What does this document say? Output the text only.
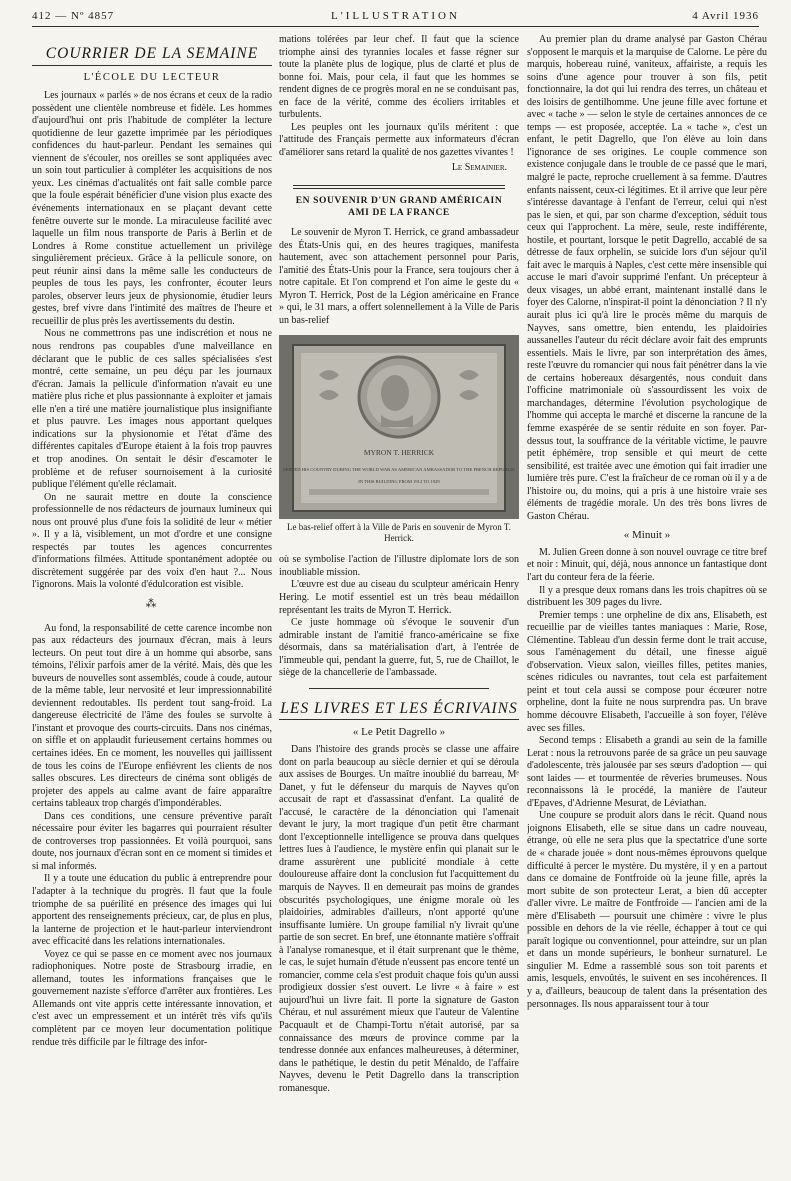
412 — Nº 4857	L'ILLUSTRATION	4 Avril 1936
COURRIER DE LA SEMAINE
L'ÉCOLE DU LECTEUR

Les journaux « parlés » de nos écrans et ceux de la radio possèdent une clientèle nombreuse et fidèle. Les hommes d'aujourd'hui ont pris l'habitude de compléter la lecture quotidienne de leur gazette imprimée par les périodiques confidences du haut-parleur. Pendant les semaines qui viennent de s'écouler, nos oreilles se sont appliquées avec un soin tout particulier à compléter les acquisitions de nos yeux. Les cinémas d'actualités ont fait salle comble parce que la foule espérait bénéficier d'une vision plus exacte des événements internationaux en se plaçant devant cette fenêtre ouverte sur le monde. La miraculeuse facilité avec laquelle un film nous transporte de Paris à Berlin et de Londres à Rome constitue actuellement un privilège singulièrement précieux. Grâce à la pellicule sonore, on peut réunir ainsi dans la même salle les conducteurs de peuples de tous les pays, les confronter, écouter leurs paroles, observer leurs jeux de physionomie, étudier leurs gestes, bref vivre dans l'intimité des maîtres de l'heure et recueillir de plus près les avertissements du destin.

Nous ne commettrons pas une indiscrétion et nous ne nous rendrons pas coupables d'une malveillance en déclarant que le public de ces salles spécialisées s'est montré, cette semaine, un peu déçu par les journaux d'écran. Jamais la pellicule d'information n'avait eu une matière plus riche et plus passionnante à exploiter et jamais elle n'en a tiré une matière journalistique plus insignifiante et plus pauvre. Les images nous apportant quelques indications sur la physionomie et l'état d'âme des différentes capitales d'Europe étaient à la fois trop pauvres et trop anodines. On sentait le désir d'escamoter le problème et de refuser sournoisement à la curiosité publique l'élément qu'elle réclamait.

On ne saurait mettre en doute la conscience professionnelle de nos rédacteurs de journaux lumineux qui nous ont prouvé plus d'une fois la solidité de leur « métier ». Il y a là, visiblement, un mot d'ordre et une consigne respectés par toutes les agences concurrentes d'informations filmées. Attitude spontanément adoptée ou discrètement suggérée par des voix d'en haut ?... Nous l'ignorons. Mais la volonté d'édulcoration est visible.

⁂

Au fond, la responsabilité de cette carence incombe non pas aux rédacteurs des journaux d'écran, mais à leurs lecteurs. On peut tout dire à un homme qui absorbe, sans témoins, l'élixir parfois amer de la vérité. Mais, dès que les buveurs de nouvelles sont assemblés, coude à coude, autour de la même table, leur nervosité et leur impressionnabilité deviennent redoutables. Ils perdent tout sang-froid. La dangereuse électricité de l'âme des foules se survolte à l'instant et provoque des courts-circuits. Dans nos cinémas, on siffle et on applaudit furieusement certains hommes ou certaines idées. En ce moment, les nouvelles qui jaillissent de tous les coins de l'Europe enfiévrent les clients de nos salles obscures. Les directeurs de cinéma sont obligés de projeter des appels au calme avant de faire apparaître certains tableaux trop chargés d'impondérables.

Dans ces conditions, une censure préventive paraît nécessaire pour éviter les bagarres qui pourraient résulter de controverses trop passionnées. Et voilà pourquoi, sans doute, nos journaux d'écran sont en ce moment si timides et si mal informés.

Il y a toute une éducation du public à entreprendre pour l'adapter à la technique du progrès. Il faut que la foule triomphe de sa puérilité en présence des images qui lui apportent des renseignements précieux, car, de plus en plus, la lanterne de projection et le haut-parleur interviendront avec efficacité dans les relations internationales.

Voyez ce qui se passe en ce moment avec nos journaux radiophoniques. Notre poste de Strasbourg irradie, en allemand, toutes les informations françaises que le gouvernement naziste s'efforce d'arrêter aux frontières. Les Allemands ont vite appris cette intéressante innovation, et c'est avec un empressement et un intérêt très vifs qu'ils complètent par ce moyen leur documentation politique rendue très difficile par le filtrage des infor-

mations tolérées par leur chef. Il faut que la science triomphe ainsi des tyrannies locales et fasse régner sur toute la planète plus de logique, plus de clarté et plus de bonne foi. Mais, pour cela, il faut que les hommes se rendent dignes de ce progrès moral en ne se conduisant pas, en face de la vérité, comme des écoliers irritables et turbulents.

Les peuples ont les journaux qu'ils méritent : que l'attitude des Français permette aux informateurs d'écran d'améliorer sans retard la qualité de nos gazettes vivantes !

Le Semainier.
EN SOUVENIR D'UN GRAND AMÉRICAIN AMI DE LA FRANCE

Le souvenir de Myron T. Herrick, ce grand ambassadeur des États-Unis qui, en des heures tragiques, manifesta hautement, avec son attachement personnel pour Paris, l'amitié des États-Unis pour la France, sera toujours cher à notre capitale. Et l'on comprend et l'on aime le geste du « Myron T. Herrick, Post de la Légion américaine en France » qui, le 31 mars, a offert solennellement à la Ville de Paris un bas-relief

MYRON T. HERRICK
SERVED HIS COUNTRY DURING THE WORLD WAR AS AMERICAN AMBASSADOR TO THE FRENCH REPUBLIC
IN THIS BUILDING FROM 1912 TO 1929
Le bas-relief offert à la Ville de Paris en souvenir de Myron T. Herrick.

où se symbolise l'action de l'illustre diplomate lors de son inoubliable mission.

L'œuvre est due au ciseau du sculpteur américain Henry Hering. Le motif essentiel est un très beau médaillon représentant les traits de Myron T. Herrick.

Ce juste hommage où s'évoque le souvenir d'un admirable instant de l'amitié franco-américaine se fixe désormais, dans sa matérialisation d'art, à l'entrée de l'immeuble qui, pendant la guerre, fut, 5, rue de Chaillot, le siège de la chancellerie de l'ambassade.

LES LIVRES ET LES ÉCRIVAINS
« Le Petit Dagrello »

Dans l'histoire des grands procès se classe une affaire dont on parla beaucoup au siècle dernier et qui se déroula aux assises de Bourges. Un maître inoublié du barreau, Mᵉ Danet, y fut le défenseur du marquis de Nayves qu'on accusait de rapt et d'assassinat d'enfant. La qualité de l'accusé, le caractère de la dénonciation qui l'amenait devant le jury, la mort tragique d'un petit être charmant dont l'exceptionnelle intelligence se prouva dans quelques lettres lues à l'audience, le mystère enfin qui planait sur le drame assurèrent une publicité mondiale à cette douloureuse affaire dont la conclusion fut l'acquittement du marquis de Nayves. Il en demeurait pas moins de grandes obscurités psychologiques, une énigme morale où les plaidoiries, admirables d'ailleurs, n'ont apporté qu'une insuffisante lumière. Un groupe familial n'y livrait qu'une partie de son secret. En bref, une étonnante matière s'offrait à l'analyse romanesque, et il était surprenant que le thème, le cas, le sujet humain d'étude n'eussent pas encore tenté un romancier, comme cela s'est produit chaque fois qu'un aussi prodigieux dossier s'est ouvert. Le livre « à faire » est aujourd'hui un livre fait. Il porte la signature de Gaston Chérau, et nul assurément mieux que l'auteur de Valentine Pacquault et de Champi-Tortu n'était autorisé, par sa connaissance des mœurs de province comme par la tendresse donnée aux enfances malheureuses, à déterminer, dans le pathétique, le destin du petit Ménaldo, de l'affaire Nayves, devenu le Petit Dagrello dans la transcription romanesque.

Au premier plan du drame analysé par Gaston Chérau s'opposent le marquis et la marquise de Calorne. Le père du marquis, hobereau ruiné, vaniteux, affairiste, a requis les soins d'une agence pour trouver à son fils, petit fonctionnaire, la dot qui lui rendra des terres, un château et des loisirs de gentilhomme. Une jeune fille avec fortune et avec « tache » — selon le style de certaines annonces de ce temps — est proposée, acceptée. La « tache », c'est un enfant, le petit Dagrello, que l'on élève au loin dans l'ignorance de ses origines. Le couple commence son existence conjugale dans le trouble de ce passé que le mari, malgré le pacte, reproche cruellement à sa femme. D'autres enfants naissent, ceux-ci légitimes. Et il arrive que leur père s'intéresse davantage à l'enfant de l'erreur, celui qui n'est pas le sien, et qui, par son charme d'exception, séduit tous ceux qui l'approchent. La mère, seule, reste indifférente, hostile, et pourtant, lorsque le petit Dagrello, accablé de sa détresse de faux orphelin, se suicide lors d'un séjour qu'il fait avec le marquis à Naples, c'est cette mère insensible qui accuse le mari d'avoir supprimé l'enfant. Un précepteur à deux visages, un abbé errant, maintenant installé dans le foyer des Calorne, n'inspirat-il point la dénonciation ? Il n'y aurait plus ici qu'à lire le procès même du marquis de Nayves, sans omettre, bien entendu, les plaidoiries aussanelles l'auteur du récit déclare avoir fait des emprunts essentiels. Mais le livre, par son interprétation des âmes, reste l'œuvre du romancier qui nous fait pénétrer dans la vie de certains hobereaux désargentés, nous conduit dans l'officine matrimoniale où s'assourdissent les voix de marchandages, détermine l'évolution psychologique de l'homme qui accepta le marché et discerne la rancune de la femme exaspérée de se sentir réduite en son foyer. Par-dessus tout, la souffrance de la véritable victime, le pauvre petit éphémère, trop sensible et qui meurt de cette sensibilité, est traitée avec une émotion qui fait irradier une lumière très pure. C'est la fraîcheur de ce roman où il y a de l'histoire ou, du moins, qui a pris à une histoire vraie ses éléments de tragédie morale. Un des très bons livres de Gaston Chérau.

« Minuit »

M. Julien Green donne à son nouvel ouvrage ce titre bref et noir : Minuit, qui, déjà, nous annonce un fantastique dont l'art du conteur fera de la féerie.

Il y a presque deux romans dans les trois chapitres où se distribuent les 309 pages du livre.

Premier temps : une orpheline de dix ans, Elisabeth, est recueillie par de vieilles tantes maniaques : Marie, Rose, Clémentine. Tableau d'un dessin ferme dont le trait accuse, sous l'aménagement du détail, une finesse aiguë d'observation. Vieux salon, vieilles filles, petites manies, scènes ridicules ou navrantes, tout cela est parfaitement peint et tout cela aussi se compose pour écœurer notre orpheline, dont la fuite ne nous surprendra pas. Un brave homme découvre Elisabeth, l'accueille à son foyer, l'élève avec ses filles.

Second temps : Elisabeth a grandi au sein de la famille Lerat : nous la retrouvons parée de sa grâce un peu sauvage d'adolescente, très jalousée par ses sœurs d'adoption — qui sont laides — et tourmentée de rêveries brumeuses. Nous reconnaissons là le procédé, la manière de l'auteur d'Epaves, d'Adrienne Mesurat, de Léviathan.

Une coupure se produit alors dans le récit. Quand nous joignons Elisabeth, elle se situe dans un cadre nouveau, étrange, où elle ne sera plus que la spectatrice d'une sorte de « charade jouée » dont nous-mêmes éprouvons quelque difficulté à percer le mystère. Du mystère, il y en a partout dans ce domaine de Fontfroide où la jeune fille, après la mort subite de son protecteur Lerat, a bien dû accepter d'aller vivre. Le maître de Fontfroide — l'ancien ami de la mère d'Elisabeth — poursuit une chimère : vivre le plus possible en dehors de la vie réelle, échapper à tout ce qui paraît logique ou conventionnel, pour atteindre, sur un plan et dans un monde supérieurs, le bonheur surnaturel. Le singulier M. Edme a rassemblé sous son toit parents et amis, lesquels, envoûtés, le suivent en ses incohérences. Il y a, d'ailleurs, beaucoup de talent dans la présentation des personnages. Ils nous apparaissent tour à tour
